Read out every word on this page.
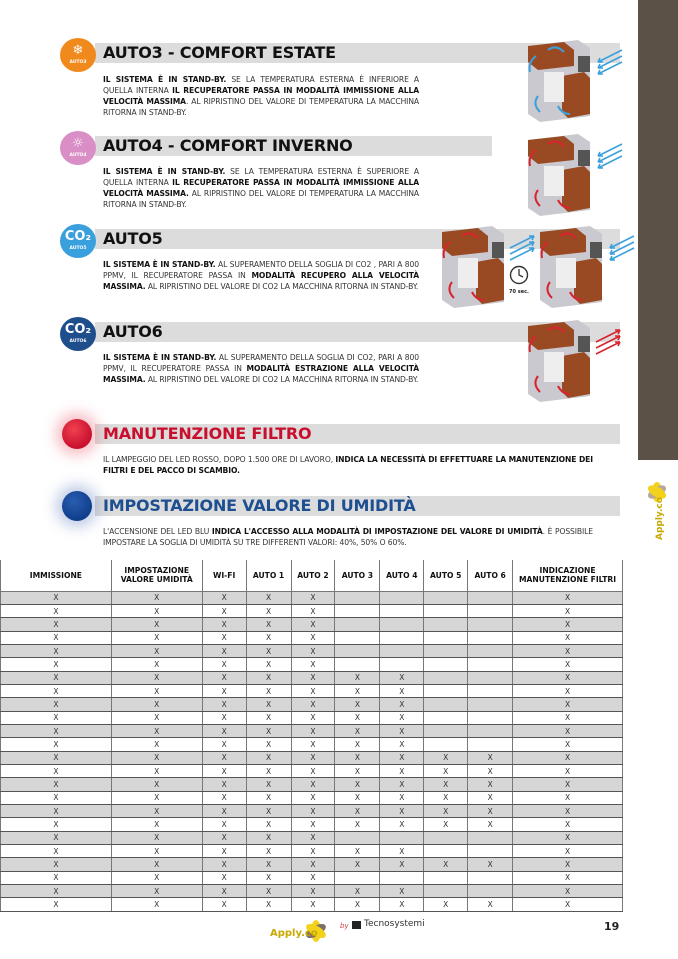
Apply.co
❄
AUTO3
AUTO3 - COMFORT ESTATE
IL SISTEMA È IN STAND-BY. SE LA TEMPERATURA ESTERNA È INFERIORE A QUELLA INTERNA IL RECUPERATORE PASSA IN MODALITÀ IMMISSIONE ALLA VELOCITÀ MASSIMA. AL RIPRISTINO DEL VALORE DI TEMPERATURA LA MACCHINA RITORNA IN STAND-BY.
☼
AUTO4
AUTO4 - COMFORT INVERNO
IL SISTEMA È IN STAND-BY. SE LA TEMPERATURA ESTERNA È SUPERIORE A QUELLA INTERNA IL RECUPERATORE PASSA IN MODALITÀ IMMISSIONE ALLA VELOCITÀ MASSIMA. AL RIPRISTINO DEL VALORE DI TEMPERATURA LA MACCHINA RITORNA IN STAND-BY.
CO₂
AUTO5
AUTO5
IL SISTEMA È IN STAND-BY. AL SUPERAMENTO DELLA SOGLIA DI CO2 , PARI A 800 PPMV, IL RECUPERATORE PASSA IN MODALITÀ RECUPERO ALLA VELOCITÀ MASSIMA. AL RIPRISTINO DEL VALORE DI CO2 LA MACCHINA RITORNA IN STAND-BY.
CO₂
AUTO6
AUTO6
IL SISTEMA È IN STAND-BY. AL SUPERAMENTO DELLA SOGLIA DI CO2, PARI A 800 PPMV, IL RECUPERATORE PASSA IN MODALITÀ ESTRAZIONE ALLA VELOCITÀ MASSIMA. AL RIPRISTINO DEL VALORE DI CO2 LA MACCHINA RITORNA IN STAND-BY.
MANUTENZIONE FILTRO
IL LAMPEGGIO DEL LED ROSSO, DOPO 1.500 ORE DI LAVORO, INDICA LA NECESSITÀ DI EFFETTUARE LA MANUTENZIONE DEI FILTRI E DEL PACCO DI SCAMBIO.
IMPOSTAZIONE VALORE DI UMIDITÀ
L'ACCENSIONE DEL LED BLU INDICA L'ACCESSO ALLA MODALITÀ DI IMPOSTAZIONE DEL VALORE DI UMIDITÀ. È POSSIBILE IMPOSTARE LA SOGLIA DI UMIDITÀ SU TRE DIFFERENTI VALORI: 40%, 50% O 60%.
70 sec.
IMMISSIONE	IMPOSTAZIONE VALORE UMIDITÀ	WI-FI	AUTO 1	AUTO 2	AUTO 3	AUTO 4	AUTO 5	AUTO 6	INDICAZIONE MANUTENZIONE FILTRI
X	X	X	X	X					X
X	X	X	X	X					X
X	X	X	X	X					X
X	X	X	X	X					X
X	X	X	X	X					X
X	X	X	X	X					X
X	X	X	X	X	X	X			X
X	X	X	X	X	X	X			X
X	X	X	X	X	X	X			X
X	X	X	X	X	X	X			X
X	X	X	X	X	X	X			X
X	X	X	X	X	X	X			X
X	X	X	X	X	X	X	X	X	X
X	X	X	X	X	X	X	X	X	X
X	X	X	X	X	X	X	X	X	X
X	X	X	X	X	X	X	X	X	X
X	X	X	X	X	X	X	X	X	X
X	X	X	X	X	X	X	X	X	X
X	X	X	X	X					X
X	X	X	X	X	X	X			X
X	X	X	X	X	X	X	X	X	X
X	X	X	X	X					X
X	X	X	X	X	X	X			X
X	X	X	X	X	X	X	X	X	X
Apply.co
by Tecnosystemi	19
